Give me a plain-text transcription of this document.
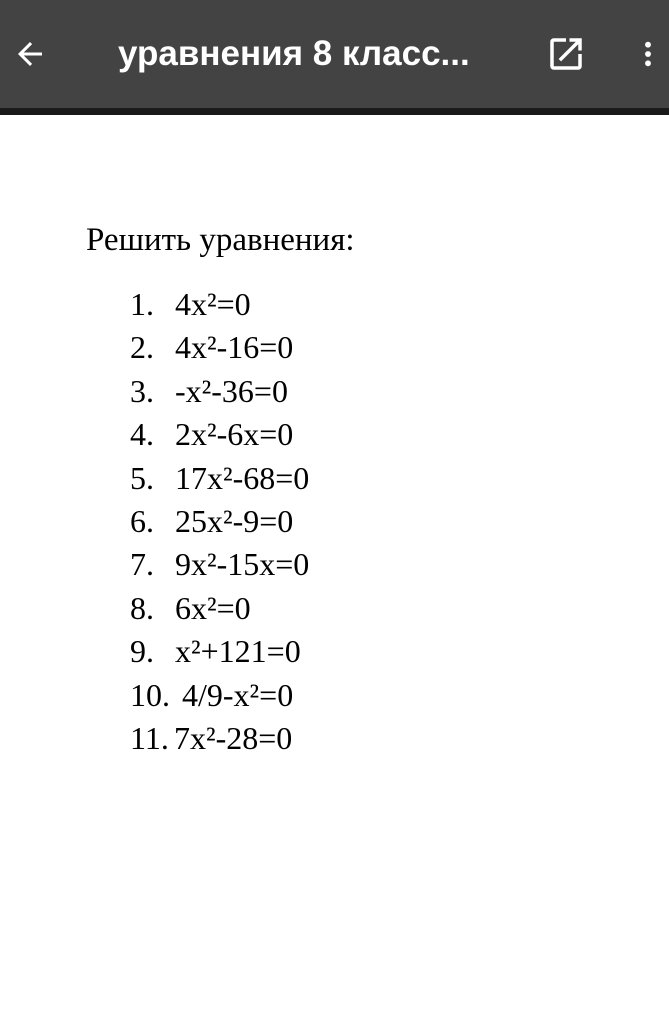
уравнения 8 класс...
Решить уравнения:
1. 4x²=0
2. 4x²-16=0
3. -x²-36=0
4. 2x²-6x=0
5. 17x²-68=0
6. 25x²-9=0
7. 9x²-15x=0
8. 6x²=0
9. x²+121=0
10. 4/9-x²=0
11. 7x²-28=0
